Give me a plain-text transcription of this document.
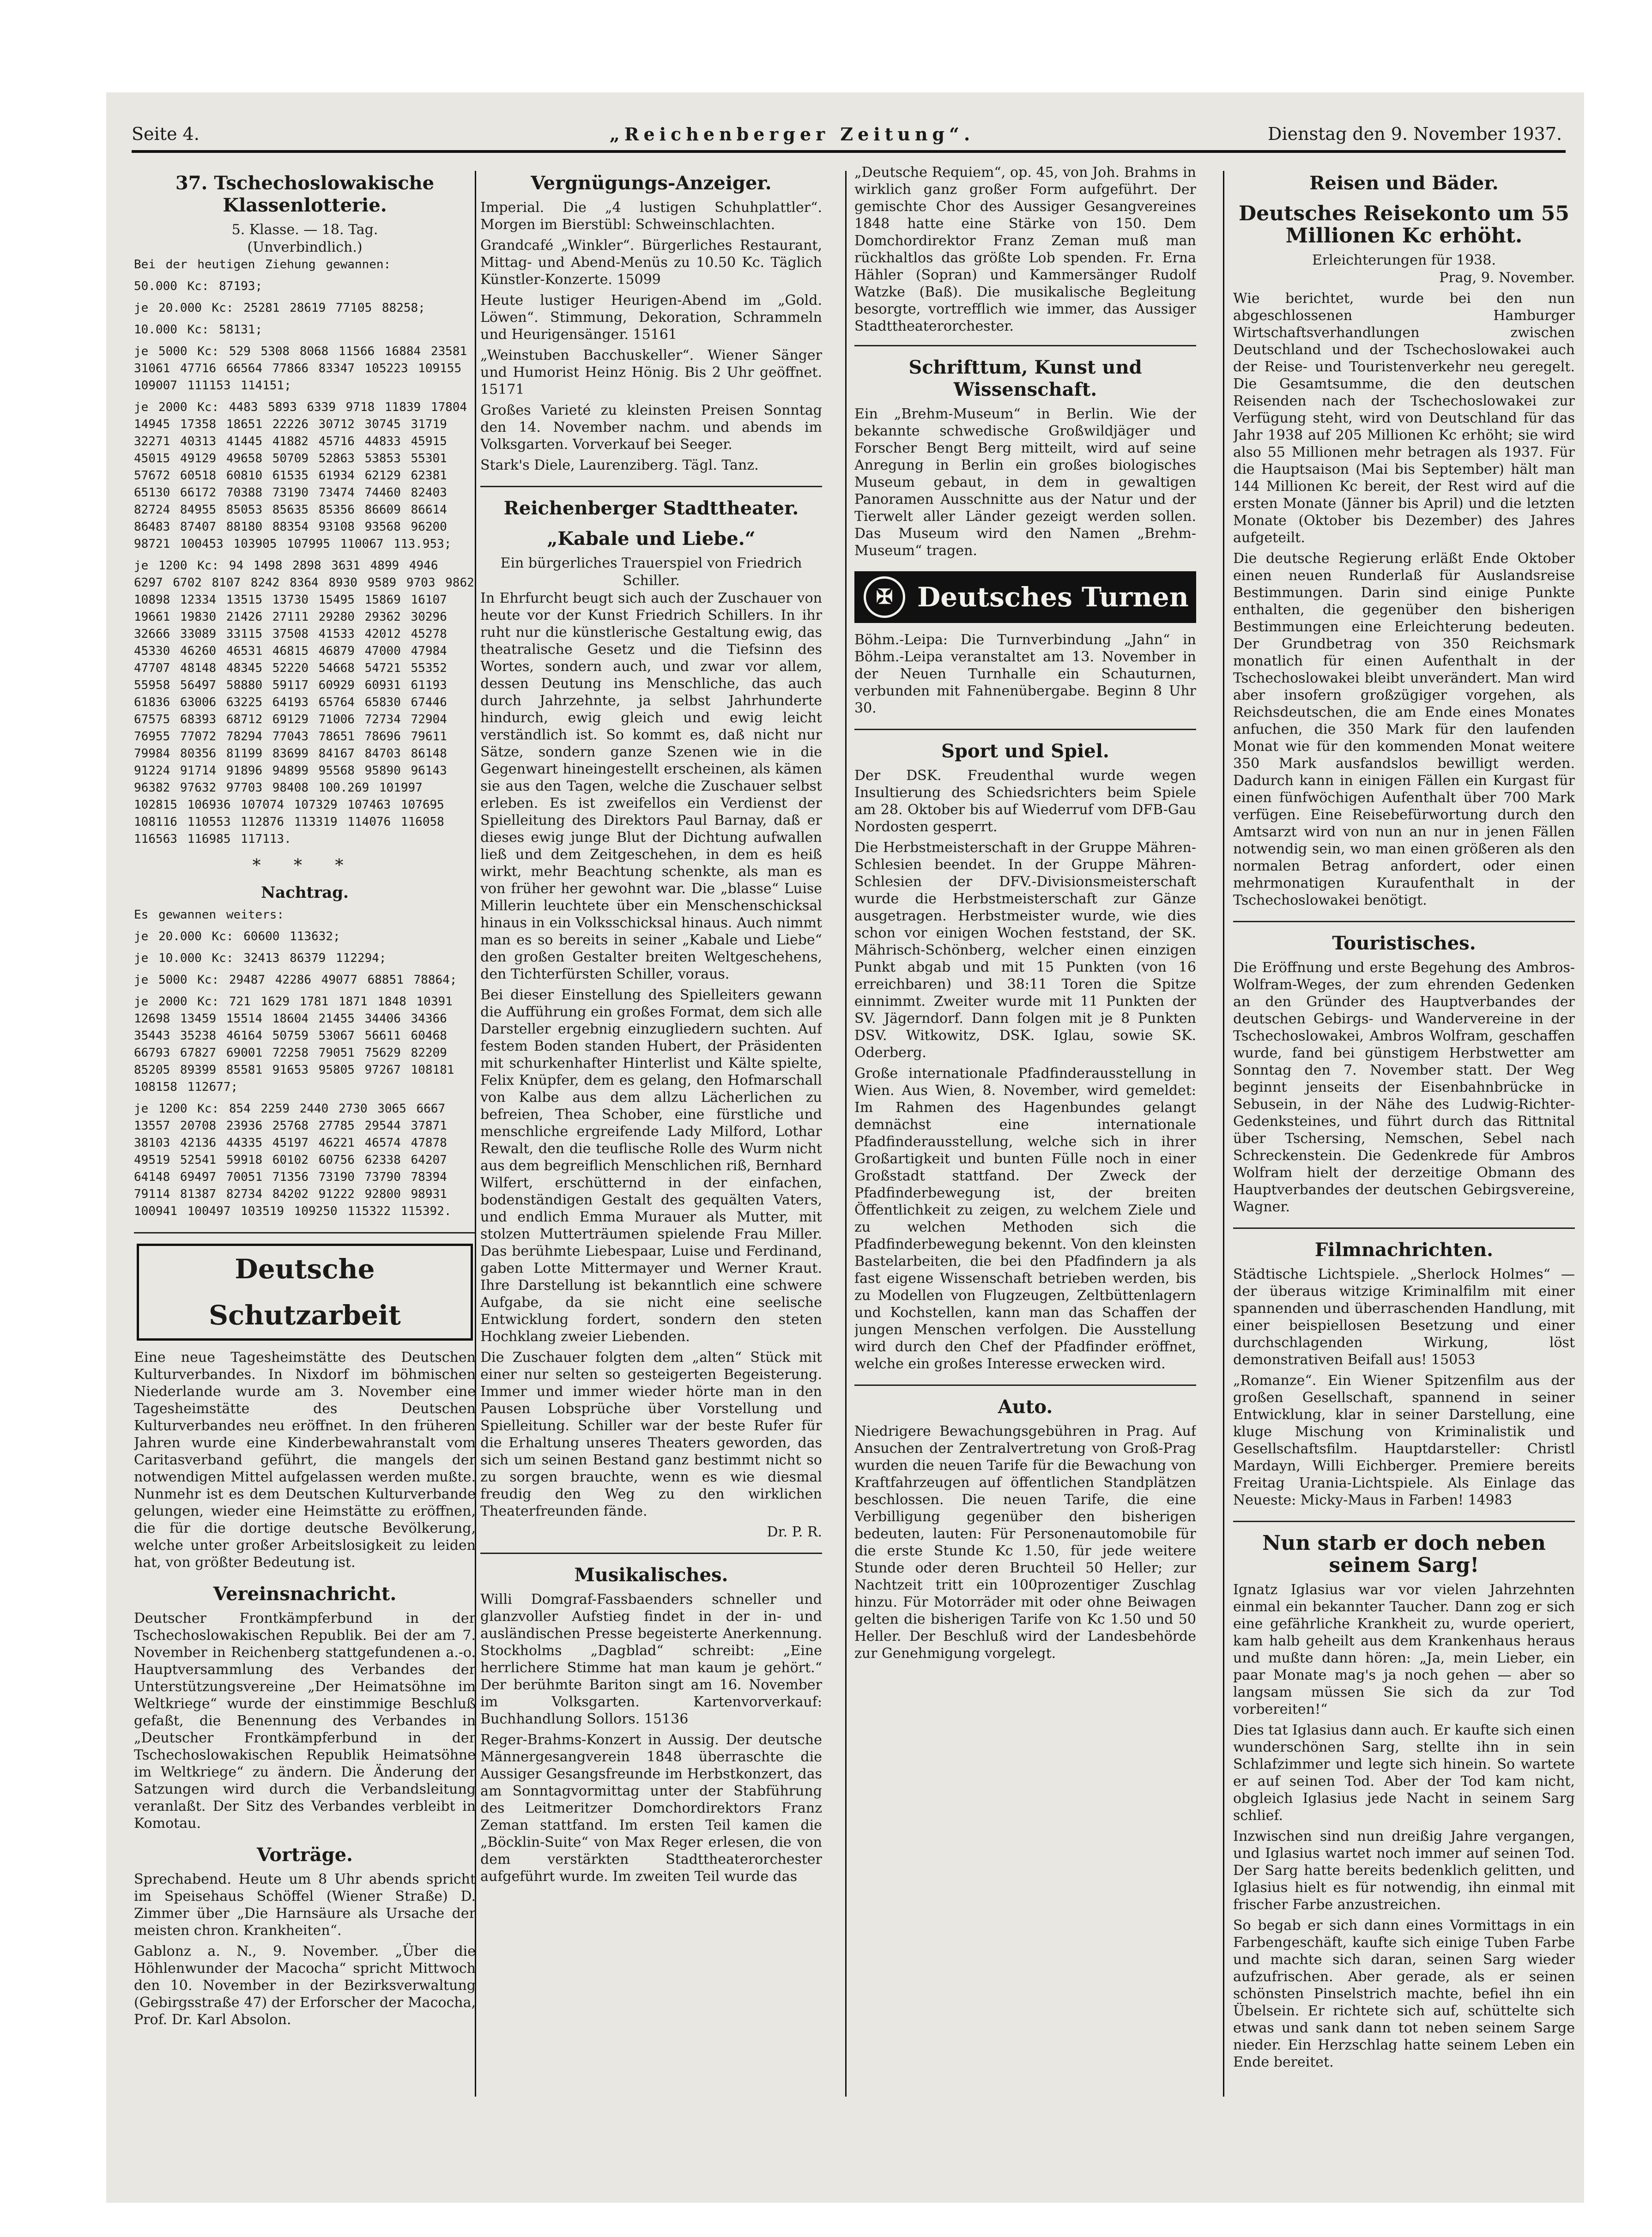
Seite 4.	„Reichenberger Zeitung“.	Dienstag den 9. November 1937.
37. Tschechoslowakische Klassenlotterie.
5. Klasse. — 18. Tag.
(Unverbindlich.)
Bei der heutigen Ziehung gewannen:
50.000 Kc: 87193;
je 20.000 Kc: 25281 28619 77105 88258;
10.000 Kc: 58131;
je 5000 Kc: 529 5308 8068 11566 16884 23581 31061 47716 66564 77866 83347 105223 109155 109007 111153 114151;
je 2000 Kc: 4483 5893 6339 9718 11839 17804 14945 17358 18651 22226 30712 30745 31719 32271 40313 41445 41882 45716 44833 45915 45015 49129 49658 50709 52863 53853 55301 57672 60518 60810 61535 61934 62129 62381 65130 66172 70388 73190 73474 74460 82403 82724 84955 85053 85635 85356 86609 86614 86483 87407 88180 88354 93108 93568 96200 98721 100453 103905 107995 110067 113.953;
je 1200 Kc: 94 1498 2898 3631 4899 4946 6297 6702 8107 8242 8364 8930 9589 9703 9862 10898 12334 13515 13730 15495 15869 16107 19661 19830 21426 27111 29280 29362 30296 32666 33089 33115 37508 41533 42012 45278 45330 46260 46531 46815 46879 47000 47984 47707 48148 48345 52220 54668 54721 55352 55958 56497 58880 59117 60929 60931 61193 61836 63006 63225 64193 65764 65830 67446 67575 68393 68712 69129 71006 72734 72904 76955 77072 78294 77043 78651 78696 79611 79984 80356 81199 83699 84167 84703 86148 91224 91714 91896 94899 95568 95890 96143 96382 97632 97703 98408 100.269 101997 102815 106936 107074 107329 107463 107695 108116 110553 112876 113319 114076 116058 116563 116985 117113.
* * *
Nachtrag.
Es gewannen weiters:
je 20.000 Kc: 60600 113632;
je 10.000 Kc: 32413 86379 112294;
je 5000 Kc: 29487 42286 49077 68851 78864;
je 2000 Kc: 721 1629 1781 1871 1848 10391 12698 13459 15514 18604 21455 34406 34366 35443 35238 46164 50759 53067 56611 60468 66793 67827 69001 72258 79051 75629 82209 85205 89399 85581 91653 95805 97267 108181 108158 112677;
je 1200 Kc: 854 2259 2440 2730 3065 6667 13557 20708 23936 25768 27785 29544 37871 38103 42136 44335 45197 46221 46574 47878 49519 52541 59918 60102 60756 62338 64207 64148 69497 70051 71356 73190 73790 78394 79114 81387 82734 84202 91222 92800 98931 100941 100497 103519 109250 115322 115392.
Deutsche Schutzarbeit

Eine neue Tagesheimstätte des Deutschen Kulturverbandes. In Nixdorf im böhmischen Niederlande wurde am 3. November eine Tagesheimstätte des Deutschen Kulturverbandes neu eröffnet. In den früheren Jahren wurde eine Kinderbewahranstalt vom Caritasverband geführt, die mangels der notwendigen Mittel aufgelassen werden mußte. Nunmehr ist es dem Deutschen Kulturverbande gelungen, wieder eine Heimstätte zu eröffnen, die für die dortige deutsche Bevölkerung, welche unter großer Arbeitslosigkeit zu leiden hat, von größter Bedeutung ist.

Vereinsnachricht.

Deutscher Frontkämpferbund in der Tschechoslowakischen Republik. Bei der am 7. November in Reichenberg stattgefundenen a.-o. Hauptversammlung des Verbandes der Unterstützungsvereine „Der Heimatsöhne im Weltkriege“ wurde der einstimmige Beschluß gefaßt, die Benennung des Verbandes in „Deutscher Frontkämpferbund in der Tschechoslowakischen Republik Heimatsöhne im Weltkriege“ zu ändern. Die Änderung der Satzungen wird durch die Verbandsleitung veranlaßt. Der Sitz des Verbandes verbleibt in Komotau.

Vorträge.

Sprechabend. Heute um 8 Uhr abends spricht im Speisehaus Schöffel (Wiener Straße) D. Zimmer über „Die Harnsäure als Ursache der meisten chron. Krankheiten“.

Gablonz a. N., 9. November. „Über die Höhlenwunder der Macocha“ spricht Mittwoch den 10. November in der Bezirksverwaltung (Gebirgsstraße 47) der Erforscher der Macocha, Prof. Dr. Karl Absolon.

Vergnügungs-Anzeiger.

Imperial. Die „4 lustigen Schuhplattler“. Morgen im Bierstübl: Schweinschlachten.

Grandcafé „Winkler“. Bürgerliches Restaurant, Mittag- und Abend-Menüs zu 10.50 Kc. Täglich Künstler-Konzerte. 15099

Heute lustiger Heurigen-Abend im „Gold. Löwen“. Stimmung, Dekoration, Schrammeln und Heurigensänger. 15161

„Weinstuben Bacchuskeller“. Wiener Sänger und Humorist Heinz Hönig. Bis 2 Uhr geöffnet. 15171

Großes Varieté zu kleinsten Preisen Sonntag den 14. November nachm. und abends im Volksgarten. Vorverkauf bei Seeger.

Stark's Diele, Laurenziberg. Tägl. Tanz.

Reichenberger Stadttheater.
„Kabale und Liebe.“
Ein bürgerliches Trauerspiel von Friedrich Schiller.

In Ehrfurcht beugt sich auch der Zuschauer von heute vor der Kunst Friedrich Schillers. In ihr ruht nur die künstlerische Gestaltung ewig, das theatralische Gesetz und die Tiefsinn des Wortes, sondern auch, und zwar vor allem, dessen Deutung ins Menschliche, das auch durch Jahrzehnte, ja selbst Jahrhunderte hindurch, ewig gleich und ewig leicht verständlich ist. So kommt es, daß nicht nur Sätze, sondern ganze Szenen wie in die Gegenwart hineingestellt erscheinen, als kämen sie aus den Tagen, welche die Zuschauer selbst erleben. Es ist zweifellos ein Verdienst der Spielleitung des Direktors Paul Barnay, daß er dieses ewig junge Blut der Dichtung aufwallen ließ und dem Zeitgeschehen, in dem es heiß wirkt, mehr Beachtung schenkte, als man es von früher her gewohnt war. Die „blasse“ Luise Millerin leuchtete über ein Menschenschicksal hinaus in ein Volksschicksal hinaus. Auch nimmt man es so bereits in seiner „Kabale und Liebe“ den großen Gestalter breiten Weltgeschehens, den Tichterfürsten Schiller, voraus.

Bei dieser Einstellung des Spielleiters gewann die Aufführung ein großes Format, dem sich alle Darsteller ergebnig einzugliedern suchten. Auf festem Boden standen Hubert, der Präsidenten mit schurkenhafter Hinterlist und Kälte spielte, Felix Knüpfer, dem es gelang, den Hofmarschall von Kalbe aus dem allzu Lächerlichen zu befreien, Thea Schober, eine fürstliche und menschliche ergreifende Lady Milford, Lothar Rewalt, den die teuflische Rolle des Wurm nicht aus dem begreiflich Menschlichen riß, Bernhard Wilfert, erschütternd in der einfachen, bodenständigen Gestalt des gequälten Vaters, und endlich Emma Murauer als Mutter, mit stolzen Mutterträumen spielende Frau Miller. Das berühmte Liebespaar, Luise und Ferdinand, gaben Lotte Mittermayer und Werner Kraut. Ihre Darstellung ist bekanntlich eine schwere Aufgabe, da sie nicht eine seelische Entwicklung fordert, sondern den steten Hochklang zweier Liebenden.

Die Zuschauer folgten dem „alten“ Stück mit einer nur selten so gesteigerten Begeisterung. Immer und immer wieder hörte man in den Pausen Lobsprüche über Vorstellung und Spielleitung. Schiller war der beste Rufer für die Erhaltung unseres Theaters geworden, das sich um seinen Bestand ganz bestimmt nicht so zu sorgen brauchte, wenn es wie diesmal freudig den Weg zu den wirklichen Theaterfreunden fände.

Dr. P. R.

Musikalisches.

Willi Domgraf-Fassbaenders schneller und glanzvoller Aufstieg findet in der in- und ausländischen Presse begeisterte Anerkennung. Stockholms „Dagblad“ schreibt: „Eine herrlichere Stimme hat man kaum je gehört.“ Der berühmte Bariton singt am 16. November im Volksgarten. Kartenvorverkauf: Buchhandlung Sollors. 15136

Reger-Brahms-Konzert in Aussig. Der deutsche Männergesangverein 1848 überraschte die Aussiger Gesangsfreunde im Herbstkonzert, das am Sonntagvormittag unter der Stabführung des Leitmeritzer Domchordirektors Franz Zeman stattfand. Im ersten Teil kamen die „Böcklin-Suite“ von Max Reger erlesen, die von dem verstärkten Stadttheaterorchester aufgeführt wurde. Im zweiten Teil wurde das

„Deutsche Requiem“, op. 45, von Joh. Brahms in wirklich ganz großer Form aufgeführt. Der gemischte Chor des Aussiger Gesangvereines 1848 hatte eine Stärke von 150. Dem Domchordirektor Franz Zeman muß man rückhaltlos das größte Lob spenden. Fr. Erna Hähler (Sopran) und Kammersänger Rudolf Watzke (Baß). Die musikalische Begleitung besorgte, vortrefflich wie immer, das Aussiger Stadttheaterorchester.

Schrifttum, Kunst und Wissenschaft.

Ein „Brehm-Museum“ in Berlin. Wie der bekannte schwedische Großwildjäger und Forscher Bengt Berg mitteilt, wird auf seine Anregung in Berlin ein großes biologisches Museum gebaut, in dem in gewaltigen Panoramen Ausschnitte aus der Natur und der Tierwelt aller Länder gezeigt werden sollen. Das Museum wird den Namen „Brehm-Museum“ tragen.

✠ Deutsches Turnen

Böhm.-Leipa: Die Turnverbindung „Jahn“ in Böhm.-Leipa veranstaltet am 13. November in der Neuen Turnhalle ein Schauturnen, verbunden mit Fahnenübergabe. Beginn 8 Uhr 30.

Sport und Spiel.

Der DSK. Freudenthal wurde wegen Insultierung des Schiedsrichters beim Spiele am 28. Oktober bis auf Wiederruf vom DFB-Gau Nordosten gesperrt.

Die Herbstmeisterschaft in der Gruppe Mähren-Schlesien beendet. In der Gruppe Mähren-Schlesien der DFV.-Divisionsmeisterschaft wurde die Herbstmeisterschaft zur Gänze ausgetragen. Herbstmeister wurde, wie dies schon vor einigen Wochen feststand, der SK. Mährisch-Schönberg, welcher einen einzigen Punkt abgab und mit 15 Punkten (von 16 erreichbaren) und 38:11 Toren die Spitze einnimmt. Zweiter wurde mit 11 Punkten der SV. Jägerndorf. Dann folgen mit je 8 Punkten DSV. Witkowitz, DSK. Iglau, sowie SK. Oderberg.

Große internationale Pfadfinderausstellung in Wien. Aus Wien, 8. November, wird gemeldet: Im Rahmen des Hagenbundes gelangt demnächst eine internationale Pfadfinderausstellung, welche sich in ihrer Großartigkeit und bunten Fülle noch in einer Großstadt stattfand. Der Zweck der Pfadfinderbewegung ist, der breiten Öffentlichkeit zu zeigen, zu welchem Ziele und zu welchen Methoden sich die Pfadfinderbewegung bekennt. Von den kleinsten Bastelarbeiten, die bei den Pfadfindern ja als fast eigene Wissenschaft betrieben werden, bis zu Modellen von Flugzeugen, Zeltbüttenlagern und Kochstellen, kann man das Schaffen der jungen Menschen verfolgen. Die Ausstellung wird durch den Chef der Pfadfinder eröffnet, welche ein großes Interesse erwecken wird.

Auto.

Niedrigere Bewachungsgebühren in Prag. Auf Ansuchen der Zentralvertretung von Groß-Prag wurden die neuen Tarife für die Bewachung von Kraftfahrzeugen auf öffentlichen Standplätzen beschlossen. Die neuen Tarife, die eine Verbilligung gegenüber den bisherigen bedeuten, lauten: Für Personenautomobile für die erste Stunde Kc 1.50, für jede weitere Stunde oder deren Bruchteil 50 Heller; zur Nachtzeit tritt ein 100prozentiger Zuschlag hinzu. Für Motorräder mit oder ohne Beiwagen gelten die bisherigen Tarife von Kc 1.50 und 50 Heller. Der Beschluß wird der Landesbehörde zur Genehmigung vorgelegt.

Reisen und Bäder.
Deutsches Reisekonto um 55 Millionen Kc erhöht.
Erleichterungen für 1938.

Prag, 9. November.

Wie berichtet, wurde bei den nun abgeschlossenen Hamburger Wirtschaftsverhandlungen zwischen Deutschland und der Tschechoslowakei auch der Reise- und Touristenverkehr neu geregelt. Die Gesamtsumme, die den deutschen Reisenden nach der Tschechoslowakei zur Verfügung steht, wird von Deutschland für das Jahr 1938 auf 205 Millionen Kc erhöht; sie wird also 55 Millionen mehr betragen als 1937. Für die Hauptsaison (Mai bis September) hält man 144 Millionen Kc bereit, der Rest wird auf die ersten Monate (Jänner bis April) und die letzten Monate (Oktober bis Dezember) des Jahres aufgeteilt.

Die deutsche Regierung erläßt Ende Oktober einen neuen Runderlaß für Auslandsreise Bestimmungen. Darin sind einige Punkte enthalten, die gegenüber den bisherigen Bestimmungen eine Erleichterung bedeuten. Der Grundbetrag von 350 Reichsmark monatlich für einen Aufenthalt in der Tschechoslowakei bleibt unverändert. Man wird aber insofern großzügiger vorgehen, als Reichsdeutschen, die am Ende eines Monates anfuchen, die 350 Mark für den laufenden Monat wie für den kommenden Monat weitere 350 Mark ausfandslos bewilligt werden. Dadurch kann in einigen Fällen ein Kurgast für einen fünfwöchigen Aufenthalt über 700 Mark verfügen. Eine Reisebefürwortung durch den Amtsarzt wird von nun an nur in jenen Fällen notwendig sein, wo man einen größeren als den normalen Betrag anfordert, oder einen mehrmonatigen Kuraufenthalt in der Tschechoslowakei benötigt.

Touristisches.

Die Eröffnung und erste Begehung des Ambros-Wolfram-Weges, der zum ehrenden Gedenken an den Gründer des Hauptverbandes der deutschen Gebirgs- und Wandervereine in der Tschechoslowakei, Ambros Wolfram, geschaffen wurde, fand bei günstigem Herbstwetter am Sonntag den 7. November statt. Der Weg beginnt jenseits der Eisenbahnbrücke in Sebusein, in der Nähe des Ludwig-Richter-Gedenksteines, und führt durch das Rittnital über Tschersing, Nemschen, Sebel nach Schreckenstein. Die Gedenkrede für Ambros Wolfram hielt der derzeitige Obmann des Hauptverbandes der deutschen Gebirgsvereine, Wagner.

Filmnachrichten.

Städtische Lichtspiele. „Sherlock Holmes“ — der überaus witzige Kriminalfilm mit einer spannenden und überraschenden Handlung, mit einer beispiellosen Besetzung und einer durchschlagenden Wirkung, löst demonstrativen Beifall aus! 15053

„Romanze“. Ein Wiener Spitzenfilm aus der großen Gesellschaft, spannend in seiner Entwicklung, klar in seiner Darstellung, eine kluge Mischung von Kriminalistik und Gesellschaftsfilm. Hauptdarsteller: Christl Mardayn, Willi Eichberger. Premiere bereits Freitag Urania-Lichtspiele. Als Einlage das Neueste: Micky-Maus in Farben! 14983

Nun starb er doch neben seinem Sarg!

Ignatz Iglasius war vor vielen Jahrzehnten einmal ein bekannter Taucher. Dann zog er sich eine gefährliche Krankheit zu, wurde operiert, kam halb geheilt aus dem Krankenhaus heraus und mußte dann hören: „Ja, mein Lieber, ein paar Monate mag's ja noch gehen — aber so langsam müssen Sie sich da zur Tod vorbereiten!“

Dies tat Iglasius dann auch. Er kaufte sich einen wunderschönen Sarg, stellte ihn in sein Schlafzimmer und legte sich hinein. So wartete er auf seinen Tod. Aber der Tod kam nicht, obgleich Iglasius jede Nacht in seinem Sarg schlief.

Inzwischen sind nun dreißig Jahre vergangen, und Iglasius wartet noch immer auf seinen Tod. Der Sarg hatte bereits bedenklich gelitten, und Iglasius hielt es für notwendig, ihn einmal mit frischer Farbe anzustreichen.

So begab er sich dann eines Vormittags in ein Farbengeschäft, kaufte sich einige Tuben Farbe und machte sich daran, seinen Sarg wieder aufzufrischen. Aber gerade, als er seinen schönsten Pinselstrich machte, befiel ihn ein Übelsein. Er richtete sich auf, schüttelte sich etwas und sank dann tot neben seinem Sarge nieder. Ein Herzschlag hatte seinem Leben ein Ende bereitet.
